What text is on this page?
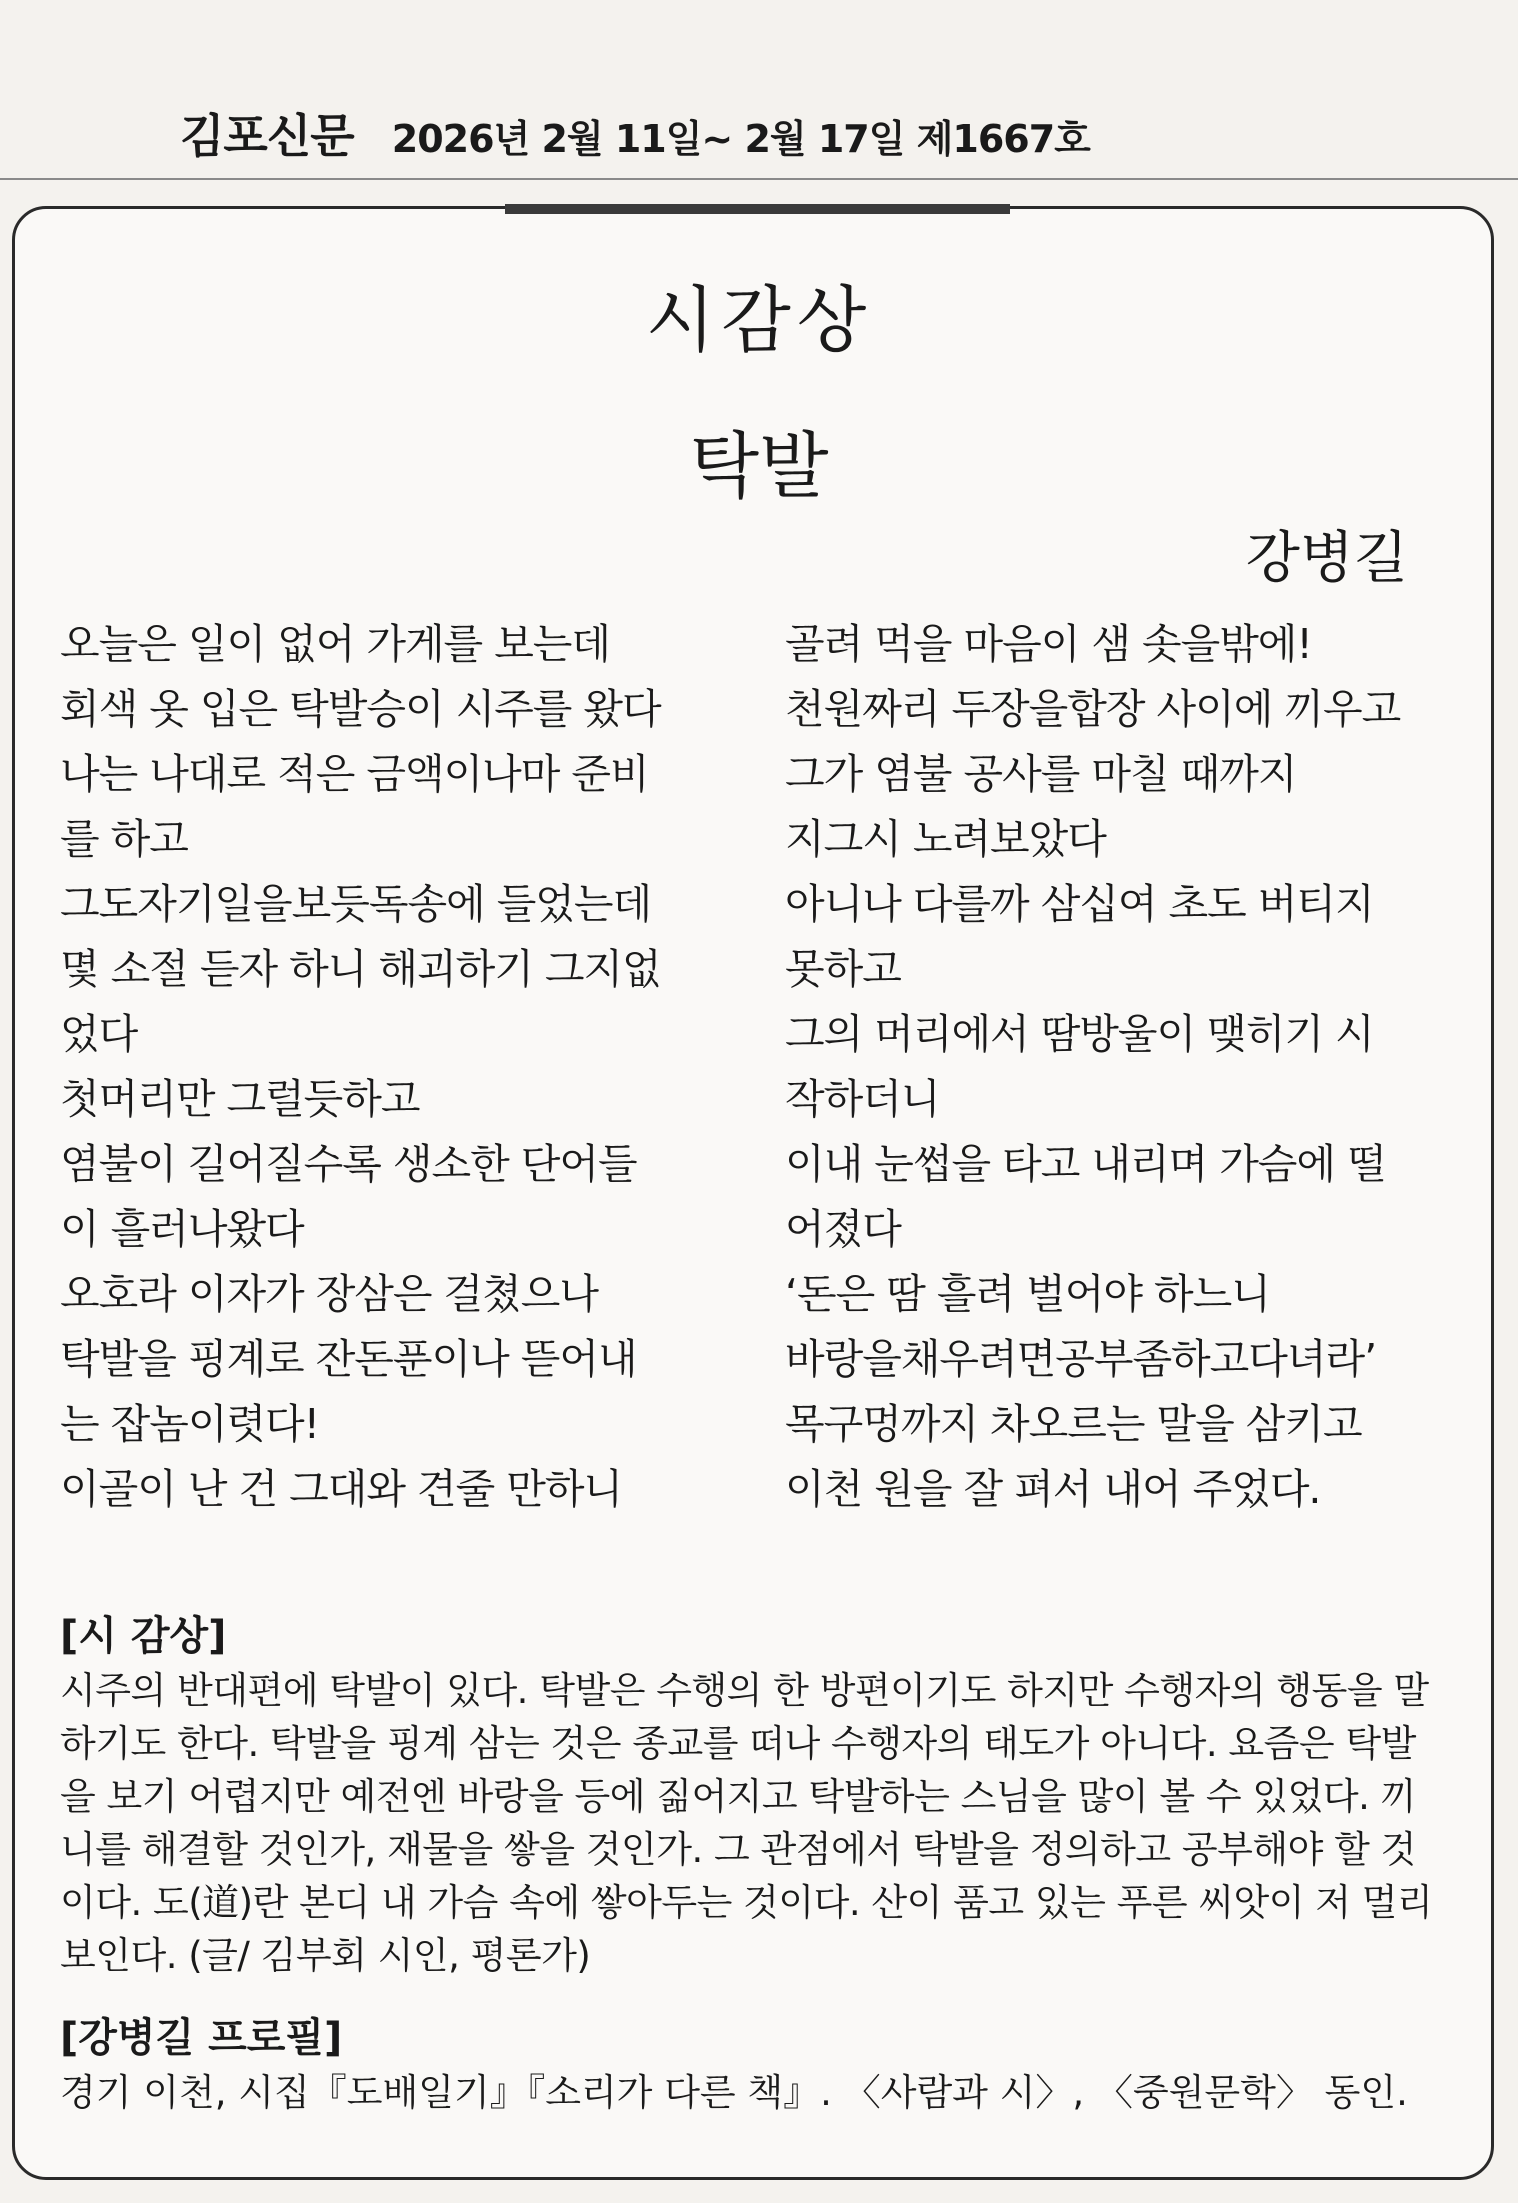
김포신문 2026년 2월 11일~ 2월 17일 제1667호
시감상
탁발
강병길
오늘은 일이 없어 가게를 보는데
회색 옷 입은 탁발승이 시주를 왔다
나는 나대로 적은 금액이나마 준비
를 하고
그도자기일을보듯독송에 들었는데
몇 소절 듣자 하니 해괴하기 그지없
었다
첫머리만 그럴듯하고
염불이 길어질수록 생소한 단어들
이 흘러나왔다
오호라 이자가 장삼은 걸쳤으나
탁발을 핑계로 잔돈푼이나 뜯어내
는 잡놈이렷다!
이골이 난 건 그대와 견줄 만하니
골려 먹을 마음이 샘 솟을밖에!
천원짜리 두장을합장 사이에 끼우고
그가 염불 공사를 마칠 때까지
지그시 노려보았다
아니나 다를까 삼십여 초도 버티지
못하고
그의 머리에서 땀방울이 맺히기 시
작하더니
이내 눈썹을 타고 내리며 가슴에 떨
어졌다
‘돈은 땀 흘려 벌어야 하느니
바랑을채우려면공부좀하고다녀라’
목구멍까지 차오르는 말을 삼키고
이천 원을 잘 펴서 내어 주었다.
[시 감상]
시주의 반대편에 탁발이 있다. 탁발은 수행의 한 방편이기도 하지만 수행자의 행동을 말
하기도 한다. 탁발을 핑계 삼는 것은 종교를 떠나 수행자의 태도가 아니다. 요즘은 탁발
을 보기 어렵지만 예전엔 바랑을 등에 짊어지고 탁발하는 스님을 많이 볼 수 있었다. 끼
니를 해결할 것인가, 재물을 쌓을 것인가. 그 관점에서 탁발을 정의하고 공부해야 할 것
이다. 도(道)란 본디 내 가슴 속에 쌓아두는 것이다. 산이 품고 있는 푸른 씨앗이 저 멀리
보인다. (글/ 김부회 시인, 평론가)
[강병길 프로필]
경기 이천, 시집『도배일기』『소리가 다른 책』. 〈사람과 시〉, 〈중원문학〉 동인.
